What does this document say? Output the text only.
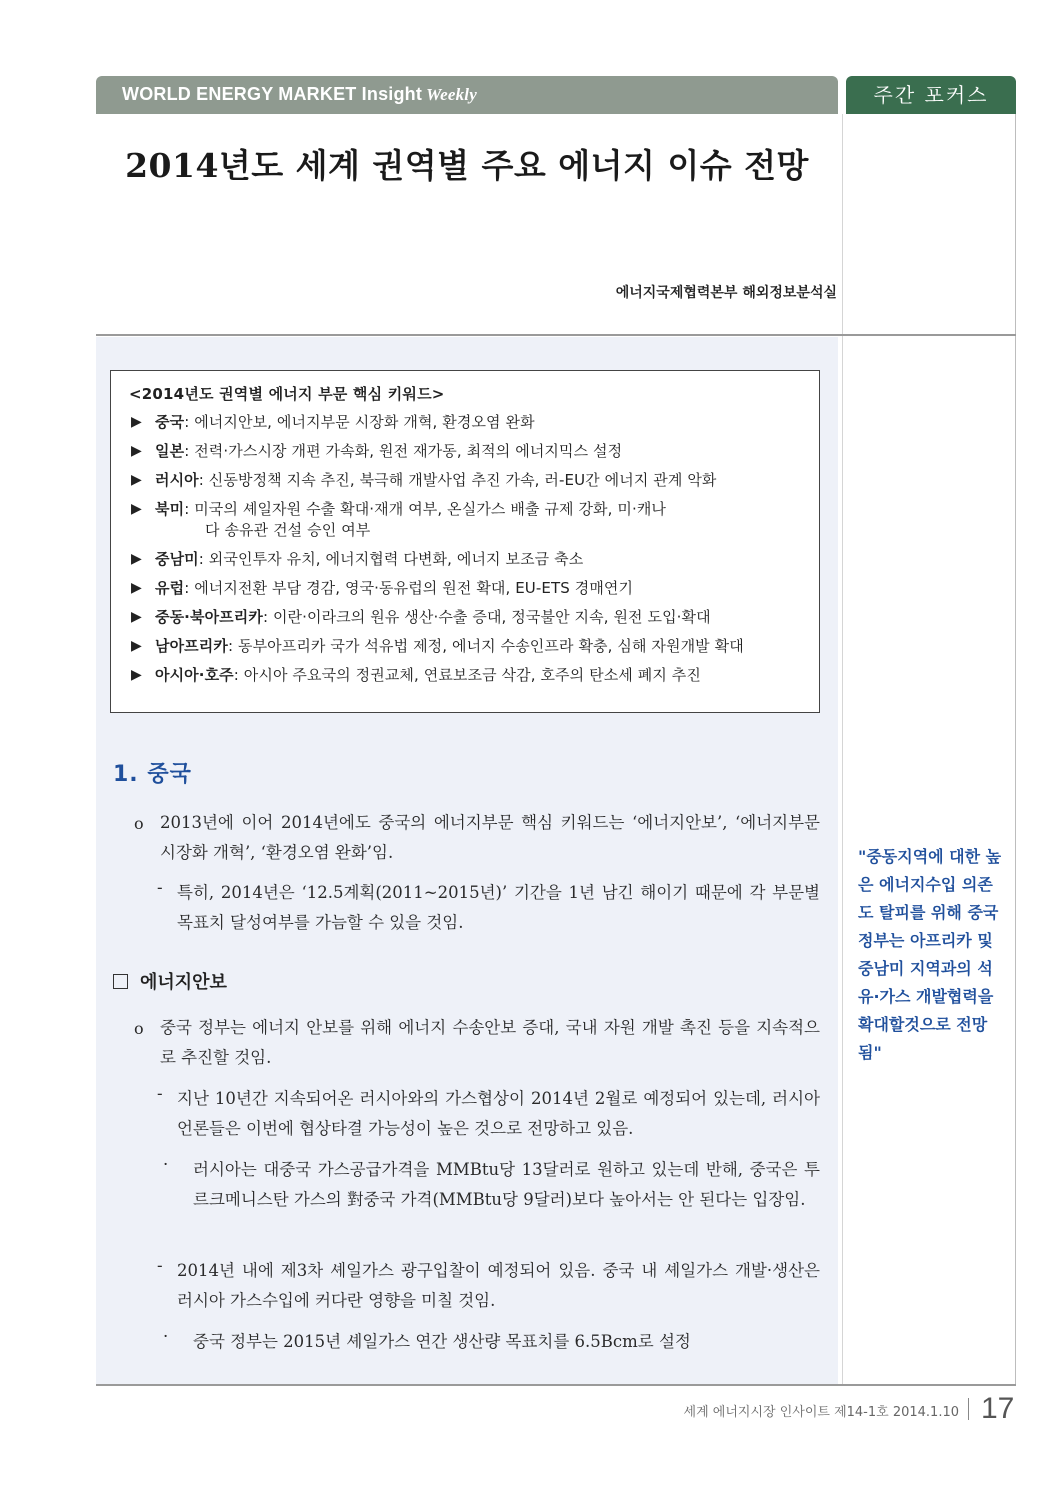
WORLD ENERGY MARKET Insight Weekly	주간 포커스
2014년도 세계 권역별 주요 에너지 이슈 전망
에너지국제협력본부 해외정보분석실
<2014년도 권역별 에너지 부문 핵심 키워드>
▶ 중국: 에너지안보, 에너지부문 시장화 개혁, 환경오염 완화
▶ 일본: 전력·가스시장 개편 가속화, 원전 재가동, 최적의 에너지믹스 설정
▶ 러시아: 신동방정책 지속 추진, 북극해 개발사업 추진 가속, 러-EU간 에너지 관계 악화
▶ 북미: 미국의 셰일자원 수출 확대·재개 여부, 온실가스 배출 규제 강화, 미·캐나
다 송유관 건설 승인 여부
▶ 중남미: 외국인투자 유치, 에너지협력 다변화, 에너지 보조금 축소
▶ 유럽: 에너지전환 부담 경감, 영국·동유럽의 원전 확대, EU-ETS 경매연기
▶ 중동·북아프리카: 이란·이라크의 원유 생산·수출 증대, 정국불안 지속, 원전 도입·확대
▶ 남아프리카: 동부아프리카 국가 석유법 제정, 에너지 수송인프라 확충, 심해 자원개발 확대
▶ 아시아·호주: 아시아 주요국의 정권교체, 연료보조금 삭감, 호주의 탄소세 폐지 추진
1. 중국
o 2013년에 이어 2014년에도 중국의 에너지부문 핵심 키워드는 ‘에너지안보’, ‘에너지부문 시장화 개혁’, ‘환경오염 완화’임.
- 특히, 2014년은 ‘12.5계획(2011~2015년)’ 기간을 1년 남긴 해이기 때문에 각 부문별 목표치 달성여부를 가늠할 수 있을 것임.
에너지안보
o 중국 정부는 에너지 안보를 위해 에너지 수송안보 증대, 국내 자원 개발 촉진 등을 지속적으로 추진할 것임.
- 지난 10년간 지속되어온 러시아와의 가스협상이 2014년 2월로 예정되어 있는데, 러시아 언론들은 이번에 협상타결 가능성이 높은 것으로 전망하고 있음.
· 러시아는 대중국 가스공급가격을 MMBtu당 13달러로 원하고 있는데 반해, 중국은 투르크메니스탄 가스의 對중국 가격(MMBtu당 9달러)보다 높아서는 안 된다는 입장임.
- 2014년 내에 제3차 셰일가스 광구입찰이 예정되어 있음. 중국 내 셰일가스 개발·생산은 러시아 가스수입에 커다란 영향을 미칠 것임.
· 중국 정부는 2015년 셰일가스 연간 생산량 목표치를 6.5Bcm로 설정
"중동지역에 대한 높은 에너지수입 의존도 탈피를 위해 중국 정부는 아프리카 및 중남미 지역과의 석유·가스 개발협력을 확대할것으로 전망됨"
세계 에너지시장 인사이트 제14-1호 2014.1.10 17
